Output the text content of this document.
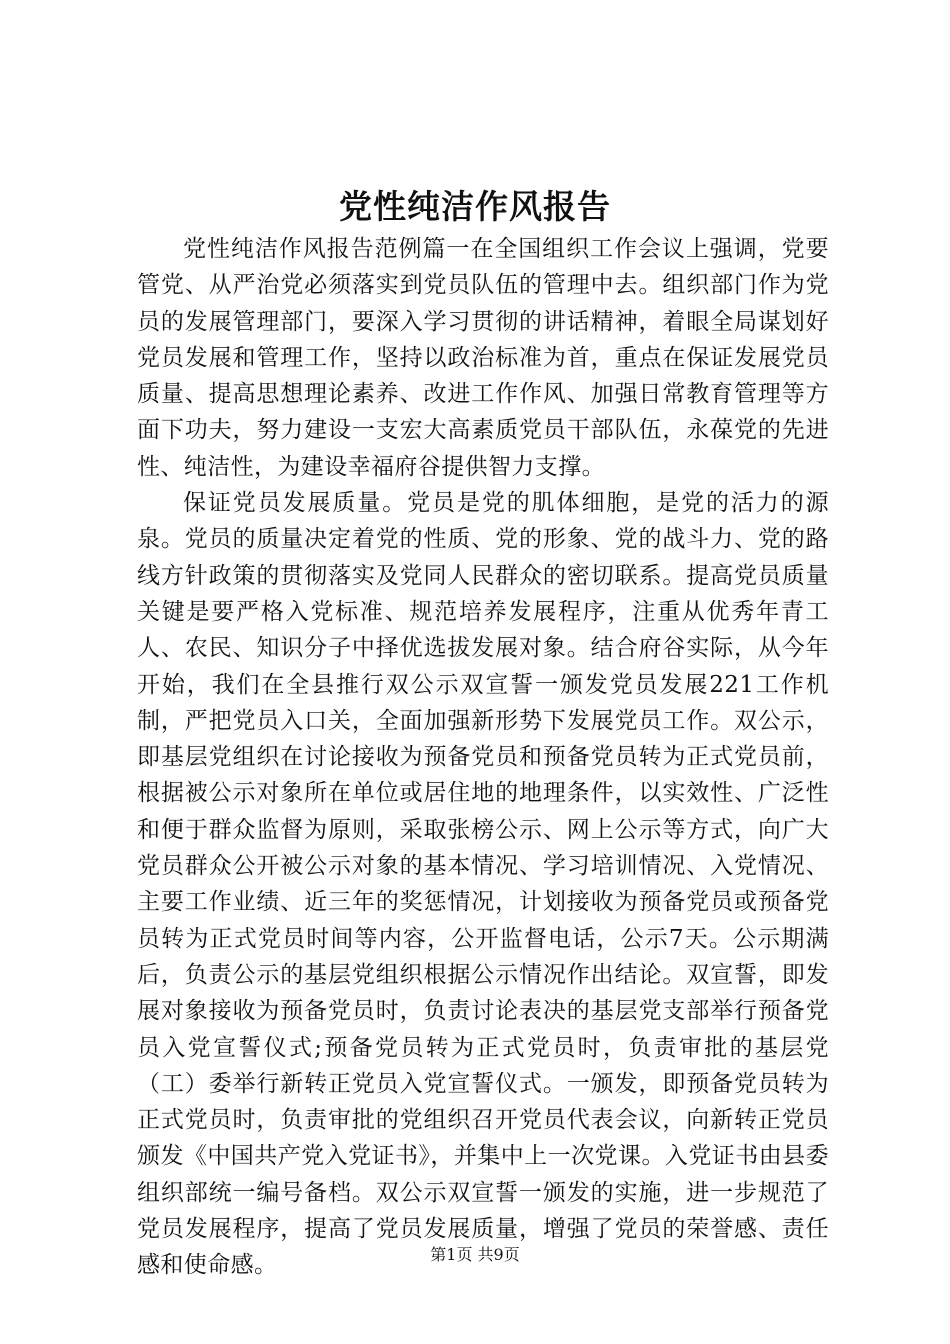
党性纯洁作风报告

党性纯洁作风报告范例篇一在全国组织工作会议上强调，党要管党、从严治党必须落实到党员队伍的管理中去。组织部门作为党员的发展管理部门，要深入学习贯彻的讲话精神，着眼全局谋划好党员发展和管理工作，坚持以政治标准为首，重点在保证发展党员质量、提高思想理论素养、改进工作作风、加强日常教育管理等方面下功夫，努力建设一支宏大高素质党员干部队伍，永葆党的先进性、纯洁性，为建设幸福府谷提供智力支撑。

保证党员发展质量。党员是党的肌体细胞，是党的活力的源泉。党员的质量决定着党的性质、党的形象、党的战斗力、党的路线方针政策的贯彻落实及党同人民群众的密切联系。提高党员质量关键是要严格入党标准、规范培养发展程序，注重从优秀年青工人、农民、知识分子中择优选拔发展对象。结合府谷实际，从今年开始，我们在全县推行双公示双宣誓一颁发党员发展221工作机制，严把党员入口关，全面加强新形势下发展党员工作。双公示，即基层党组织在讨论接收为预备党员和预备党员转为正式党员前，根据被公示对象所在单位或居住地的地理条件，以实效性、广泛性和便于群众监督为原则，采取张榜公示、网上公示等方式，向广大党员群众公开被公示对象的基本情况、学习培训情况、入党情况、主要工作业绩、近三年的奖惩情况，计划接收为预备党员或预备党员转为正式党员时间等内容，公开监督电话，公示7天。公示期满后，负责公示的基层党组织根据公示情况作出结论。双宣誓，即发展对象接收为预备党员时，负责讨论表决的基层党支部举行预备党员入党宣誓仪式;预备党员转为正式党员时，负责审批的基层党（工）委举行新转正党员入党宣誓仪式。一颁发，即预备党员转为正式党员时，负责审批的党组织召开党员代表会议，向新转正党员颁发《中国共产党入党证书》，并集中上一次党课。入党证书由县委组织部统一编号备档。双公示双宣誓一颁发的实施，进一步规范了党员发展程序，提高了党员发展质量，增强了党员的荣誉感、责任感和使命感。	第1页 共9页
